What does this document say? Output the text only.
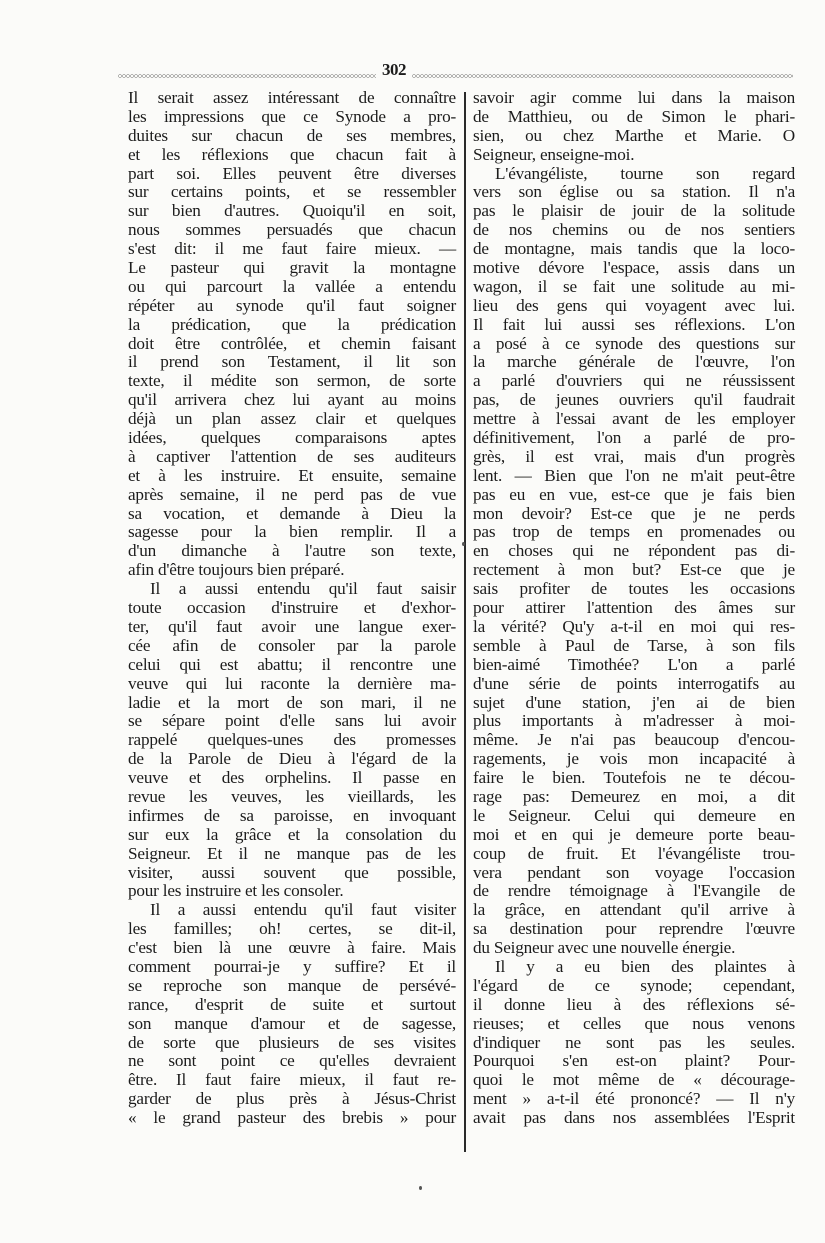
302
Il serait assez intéressant de connaître
les impressions que ce Synode a pro-
duites sur chacun de ses membres,
et les réflexions que chacun fait à
part soi. Elles peuvent être diverses
sur certains points, et se ressembler
sur bien d'autres. Quoiqu'il en soit,
nous sommes persuadés que chacun
s'est dit: il me faut faire mieux. —
Le pasteur qui gravit la montagne
ou qui parcourt la vallée a entendu
répéter au synode qu'il faut soigner
la prédication, que la prédication
doit être contrôlée, et chemin faisant
il prend son Testament, il lit son
texte, il médite son sermon, de sorte
qu'il arrivera chez lui ayant au moins
déjà un plan assez clair et quelques
idées, quelques comparaisons aptes
à captiver l'attention de ses auditeurs
et à les instruire. Et ensuite, semaine
après semaine, il ne perd pas de vue
sa vocation, et demande à Dieu la
sagesse pour la bien remplir. Il a
d'un dimanche à l'autre son texte,
afin d'être toujours bien préparé.
Il a aussi entendu qu'il faut saisir
toute occasion d'instruire et d'exhor-
ter, qu'il faut avoir une langue exer-
cée afin de consoler par la parole
celui qui est abattu; il rencontre une
veuve qui lui raconte la dernière ma-
ladie et la mort de son mari, il ne
se sépare point d'elle sans lui avoir
rappelé quelques-unes des promesses
de la Parole de Dieu à l'égard de la
veuve et des orphelins. Il passe en
revue les veuves, les vieillards, les
infirmes de sa paroisse, en invoquant
sur eux la grâce et la consolation du
Seigneur. Et il ne manque pas de les
visiter, aussi souvent que possible,
pour les instruire et les consoler.
Il a aussi entendu qu'il faut visiter
les familles; oh! certes, se dit-il,
c'est bien là une œuvre à faire. Mais
comment pourrai-je y suffire? Et il
se reproche son manque de persévé-
rance, d'esprit de suite et surtout
son manque d'amour et de sagesse,
de sorte que plusieurs de ses visites
ne sont point ce qu'elles devraient
être. Il faut faire mieux, il faut re-
garder de plus près à Jésus-Christ
« le grand pasteur des brebis » pour
savoir agir comme lui dans la maison
de Matthieu, ou de Simon le phari-
sien, ou chez Marthe et Marie. O
Seigneur, enseigne-moi.
L'évangéliste, tourne son regard
vers son église ou sa station. Il n'a
pas le plaisir de jouir de la solitude
de nos chemins ou de nos sentiers
de montagne, mais tandis que la loco-
motive dévore l'espace, assis dans un
wagon, il se fait une solitude au mi-
lieu des gens qui voyagent avec lui.
Il fait lui aussi ses réflexions. L'on
a posé à ce synode des questions sur
la marche générale de l'œuvre, l'on
a parlé d'ouvriers qui ne réussissent
pas, de jeunes ouvriers qu'il faudrait
mettre à l'essai avant de les employer
définitivement, l'on a parlé de pro-
grès, il est vrai, mais d'un progrès
lent. — Bien que l'on ne m'ait peut-être
pas eu en vue, est-ce que je fais bien
mon devoir? Est-ce que je ne perds
pas trop de temps en promenades ou
en choses qui ne répondent pas di-
rectement à mon but? Est-ce que je
sais profiter de toutes les occasions
pour attirer l'attention des âmes sur
la vérité? Qu'y a-t-il en moi qui res-
semble à Paul de Tarse, à son fils
bien-aimé Timothée? L'on a parlé
d'une série de points interrogatifs au
sujet d'une station, j'en ai de bien
plus importants à m'adresser à moi-
même. Je n'ai pas beaucoup d'encou-
ragements, je vois mon incapacité à
faire le bien. Toutefois ne te décou-
rage pas: Demeurez en moi, a dit
le Seigneur. Celui qui demeure en
moi et en qui je demeure porte beau-
coup de fruit. Et l'évangéliste trou-
vera pendant son voyage l'occasion
de rendre témoignage à l'Evangile de
la grâce, en attendant qu'il arrive à
sa destination pour reprendre l'œuvre
du Seigneur avec une nouvelle énergie.
Il y a eu bien des plaintes à
l'égard de ce synode; cependant,
il donne lieu à des réflexions sé-
rieuses; et celles que nous venons
d'indiquer ne sont pas les seules.
Pourquoi s'en est-on plaint? Pour-
quoi le mot même de « décourage-
ment » a-t-il été prononcé? — Il n'y
avait pas dans nos assemblées l'Esprit
